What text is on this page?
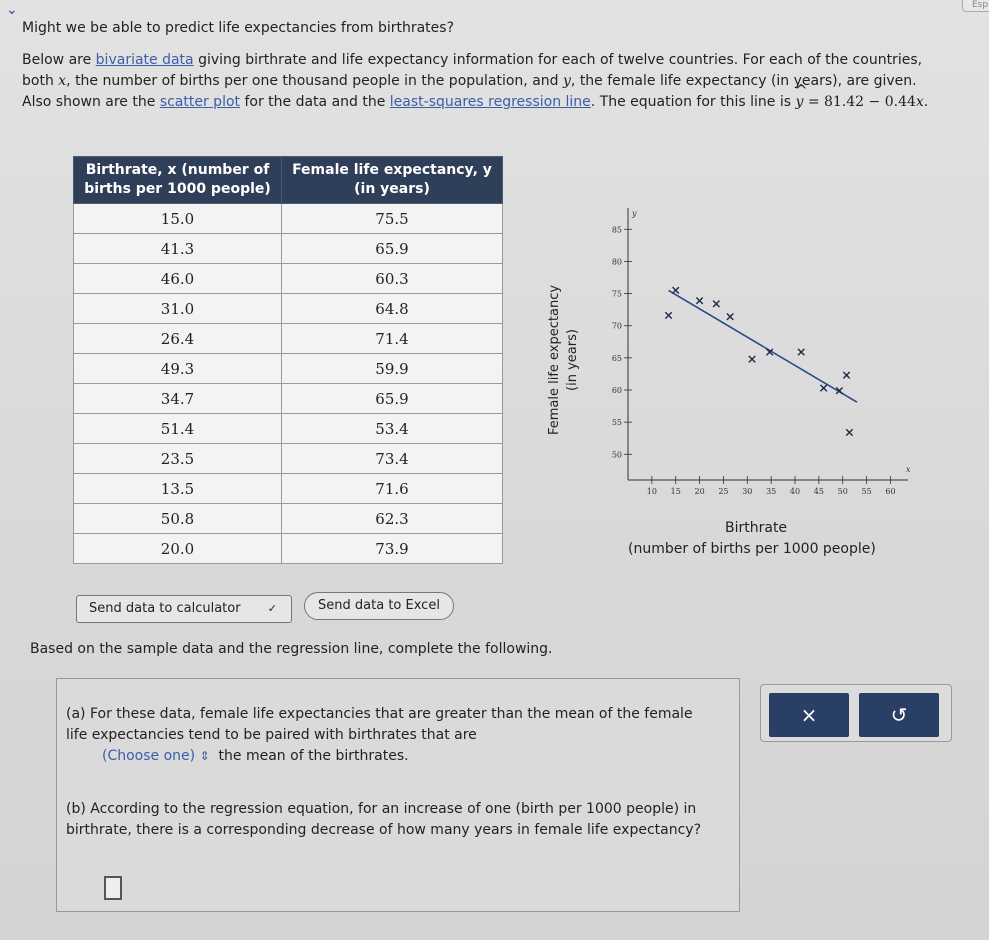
⌄	Esp
Might we be able to predict life expectancies from birthrates?
Below are bivariate data giving birthrate and life expectancy information for each of twelve countries. For each of the countries, both x, the number of births per one thousand people in the population, and y, the female life expectancy (in years), are given. Also shown are the scatter plot for the data and the least-squares regression line. The equation for this line is ^ y = 81.42 − 0.44x.
Birthrate, x (number of births per 1000 people)	Female life expectancy, y (in years)
15.0	75.5
41.3	65.9
46.0	60.3
31.0	64.8
26.4	71.4
49.3	59.9
34.7	65.9
51.4	53.4
23.5	73.4
13.5	71.6
50.8	62.3
20.0	73.9
Send data to calculator ✓	Send data to Excel
x
y
10 15 20 25 30 35 40 45 50 55 60
50
55
60
65
70
75
80
85
Female life expectancy (in years)
Birthrate
(number of births per 1000 people)
Based on the sample data and the regression line, complete the following.
(a) For these data, female life expectancies that are greater than the mean of the female life expectancies tend to be paired with birthrates that are
(Choose one) ⇕ the mean of the birthrates.
(b) According to the regression equation, for an increase of one (birth per 1000 people) in birthrate, there is a corresponding decrease of how many years in female life expectancy?
×	↺
